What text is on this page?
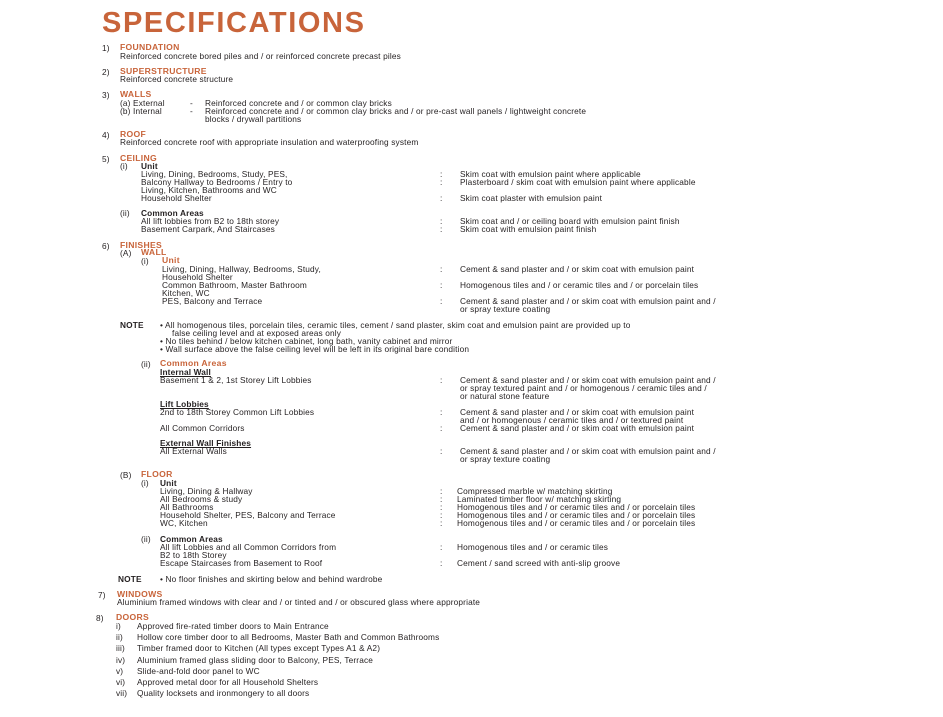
SPECIFICATIONS
1) FOUNDATION
Reinforced concrete bored piles and / or reinforced concrete precast piles
2) SUPERSTRUCTURE
Reinforced concrete structure
3) WALLS
(a) External	- Reinforced concrete and / or common clay bricks
(b) Internal	- Reinforced concrete and / or common clay bricks and / or pre-cast wall panels / lightweight concrete
blocks / drywall partitions
4) ROOF
Reinforced concrete roof with appropriate insulation and waterproofing system
5) CEILING
(i) Unit
Living, Dining, Bedrooms, Study, PES,	: Skim coat with emulsion paint where applicable
Balcony Hallway to Bedrooms / Entry to	: Plasterboard / skim coat with emulsion paint where applicable
Living, Kitchen, Bathrooms and WC
Household Shelter	: Skim coat plaster with emulsion paint
(ii) Common Areas
All lift lobbies from B2 to 18th storey	: Skim coat and / or ceiling board with emulsion paint finish
Basement Carpark, And Staircases	: Skim coat with emulsion paint finish
6) FINISHES
(A) WALL
(i) Unit
Living, Dining, Hallway, Bedrooms, Study,	: Cement & sand plaster and / or skim coat with emulsion paint
Household Shelter
Common Bathroom, Master Bathroom	: Homogenous tiles and / or ceramic tiles and / or porcelain tiles
Kitchen, WC
PES, Balcony and Terrace	: Cement & sand plaster and / or skim coat with emulsion paint and /
or spray texture coating
NOTE • All homogenous tiles, porcelain tiles, ceramic tiles, cement / sand plaster, skim coat and emulsion paint are provided up to
false ceiling level and at exposed areas only
• No tiles behind / below kitchen cabinet, long bath, vanity cabinet and mirror
• Wall surface above the false ceiling level will be left in its original bare condition
(ii) Common Areas
Internal Wall
Basement 1 & 2, 1st Storey Lift Lobbies	: Cement & sand plaster and / or skim coat with emulsion paint and /
or spray textured paint and / or homogenous / ceramic tiles and /
or natural stone feature
Lift Lobbies
2nd to 18th Storey Common Lift Lobbies	: Cement & sand plaster and / or skim coat with emulsion paint
and / or homogenous / ceramic tiles and / or textured paint
All Common Corridors	: Cement & sand plaster and / or skim coat with emulsion paint
External Wall Finishes
All External Walls	: Cement & sand plaster and / or skim coat with emulsion paint and /
or spray texture coating
(B) FLOOR
(i) Unit
Living, Dining & Hallway	: Compressed marble w/ matching skirting
All Bedrooms & study	: Laminated timber floor w/ matching skirting
All Bathrooms	: Homogenous tiles and / or ceramic tiles and / or porcelain tiles
Household Shelter, PES, Balcony and Terrace	: Homogenous tiles and / or ceramic tiles and / or porcelain tiles
WC, Kitchen	: Homogenous tiles and / or ceramic tiles and / or porcelain tiles
(ii) Common Areas
All lift Lobbies and all Common Corridors from	: Homogenous tiles and / or ceramic tiles
B2 to 18th Storey
Escape Staircases from Basement to Roof	: Cement / sand screed with anti-slip groove
NOTE • No floor finishes and skirting below and behind wardrobe
7) WINDOWS
Aluminium framed windows with clear and / or tinted and / or obscured glass where appropriate
8) DOORS
i) Approved fire-rated timber doors to Main Entrance
ii) Hollow core timber door to all Bedrooms, Master Bath and Common Bathrooms
iii) Timber framed door to Kitchen (All types except Types A1 & A2)
iv) Aluminium framed glass sliding door to Balcony, PES, Terrace
v) Slide-and-fold door panel to WC
vi) Approved metal door for all Household Shelters
vii) Quality locksets and ironmongery to all doors
